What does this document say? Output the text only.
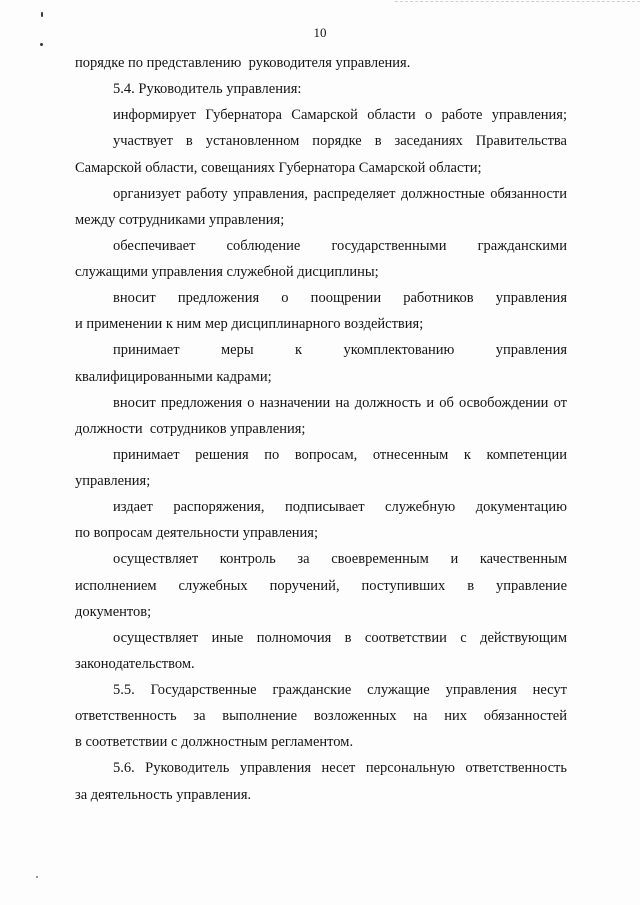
10
порядке по представлению  руководителя управления.
5.4. Руководитель управления:
информирует Губернатора Самарской области о работе управления;
участвует в установленном порядке в заседаниях Правительства
Самарской области, совещаниях Губернатора Самарской области;
организует работу управления, распределяет должностные обязанности
между сотрудниками управления;
обеспечивает соблюдение государственными гражданскими
служащими управления служебной дисциплины;
вносит предложения о поощрении работников управления
и применении к ним мер дисциплинарного воздействия;
принимает меры к укомплектованию управления
квалифицированными кадрами;
вносит предложения о назначении на должность и об освобождении от
должности  сотрудников управления;
принимает решения по вопросам, отнесенным к компетенции
управления;
издает распоряжения, подписывает служебную документацию
по вопросам деятельности управления;
осуществляет контроль за своевременным и качественным
исполнением служебных поручений, поступивших в управление
документов;
осуществляет иные полномочия в соответствии с действующим
законодательством.
5.5. Государственные гражданские служащие управления несут
ответственность за выполнение возложенных на них обязанностей
в соответствии с должностным регламентом.
5.6. Руководитель управления несет персональную ответственность
за деятельность управления.
